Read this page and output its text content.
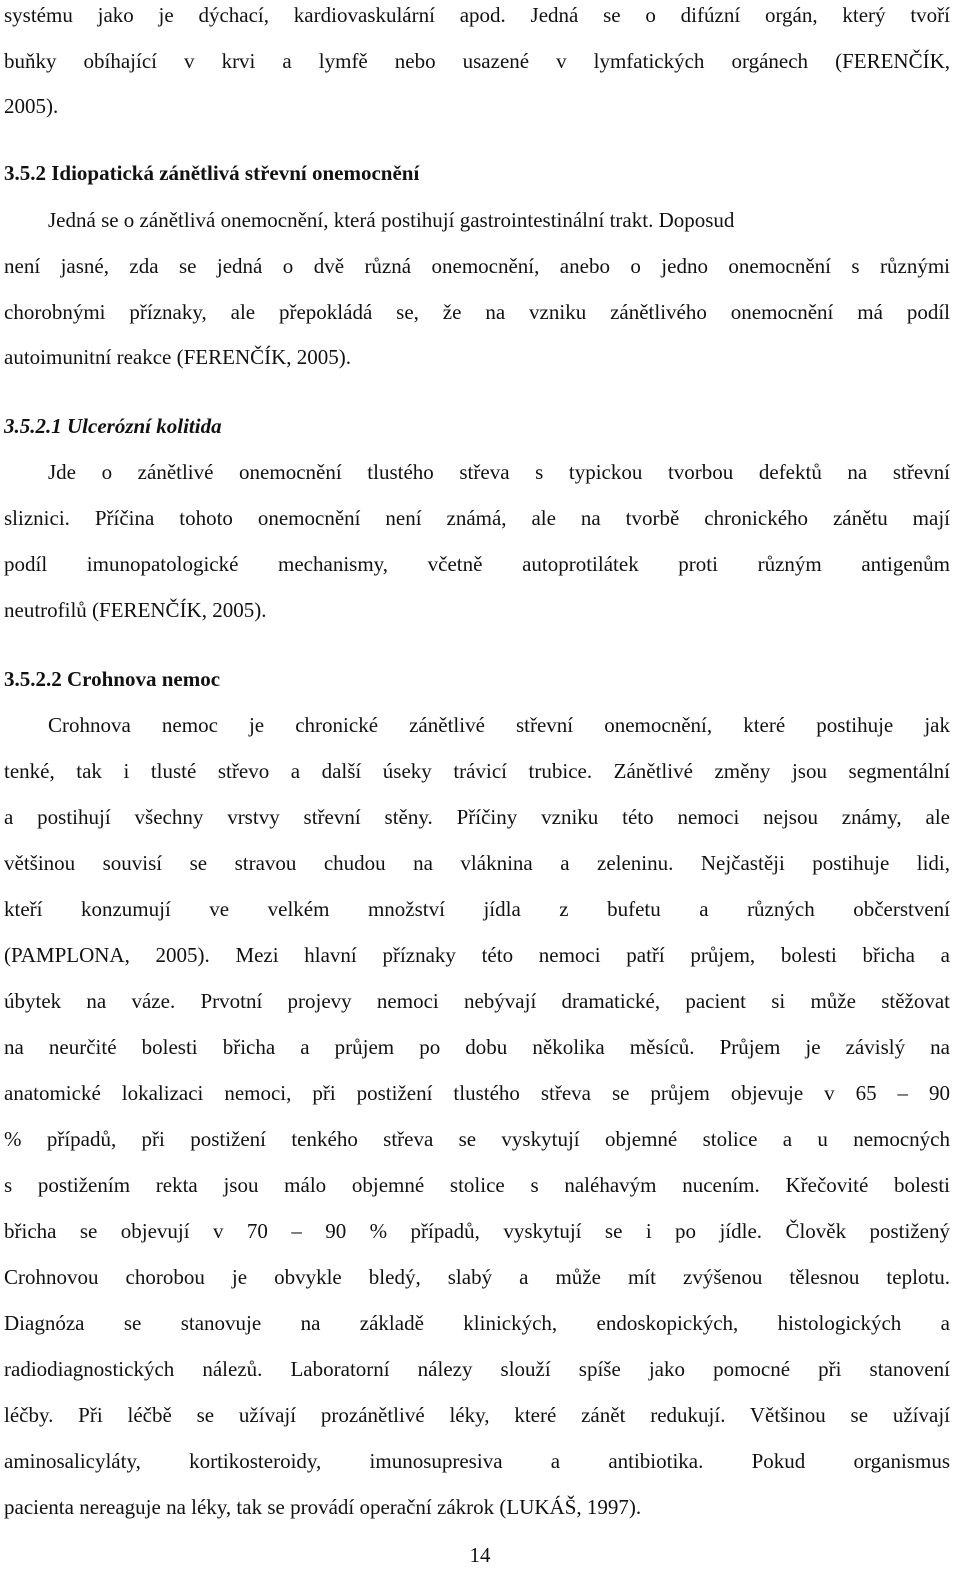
systému jako je dýchací, kardiovaskulární apod. Jedná se o difúzní orgán, který tvoří
buňky obíhající v krvi a lymfě nebo usazené v lymfatických orgánech (FERENČÍK,
2005).
3.5.2 Idiopatická zánětlivá střevní onemocnění
Jedná se o zánětlivá onemocnění, která postihují gastrointestinální trakt. Doposud
není jasné, zda se jedná o dvě různá onemocnění, anebo o jedno onemocnění s různými
chorobnými příznaky, ale přepokládá se, že na vzniku zánětlivého onemocnění má podíl
autoimunitní reakce (FERENČÍK, 2005).
3.5.2.1 Ulcerózní kolitida
Jde o zánětlivé onemocnění tlustého střeva s typickou tvorbou defektů na střevní
sliznici. Příčina tohoto onemocnění není známá, ale na tvorbě chronického zánětu mají
podíl imunopatologické mechanismy, včetně autoprotilátek proti různým antigenům
neutrofilů (FERENČÍK, 2005).
3.5.2.2 Crohnova nemoc
Crohnova nemoc je chronické zánětlivé střevní onemocnění, které postihuje jak
tenké, tak i tlusté střevo a další úseky trávicí trubice. Zánětlivé změny jsou segmentální
a postihují všechny vrstvy střevní stěny. Příčiny vzniku této nemoci nejsou známy, ale
většinou souvisí se stravou chudou na vláknina a zeleninu. Nejčastěji postihuje lidi,
kteří konzumují ve velkém množství jídla z bufetu a různých občerstvení
(PAMPLONA, 2005). Mezi hlavní příznaky této nemoci patří průjem, bolesti břicha a
úbytek na váze. Prvotní projevy nemoci nebývají dramatické, pacient si může stěžovat
na neurčité bolesti břicha a průjem po dobu několika měsíců. Průjem je závislý na
anatomické lokalizaci nemoci, při postižení tlustého střeva se průjem objevuje v 65 – 90
% případů, při postižení tenkého střeva se vyskytují objemné stolice a u nemocných
s postižením rekta jsou málo objemné stolice s naléhavým nucením. Křečovité bolesti
břicha se objevují v 70 – 90 % případů, vyskytují se i po jídle. Člověk postižený
Crohnovou chorobou je obvykle bledý, slabý a může mít zvýšenou tělesnou teplotu.
Diagnóza se stanovuje na základě klinických, endoskopických, histologických a
radiodiagnostických nálezů. Laboratorní nálezy slouží spíše jako pomocné při stanovení
léčby. Při léčbě se užívají prozánětlivé léky, které zánět redukují. Většinou se užívají
aminosalicyláty, kortikosteroidy, imunosupresiva a antibiotika. Pokud organismus
pacienta nereaguje na léky, tak se provádí operační zákrok (LUKÁŠ, 1997).
14
